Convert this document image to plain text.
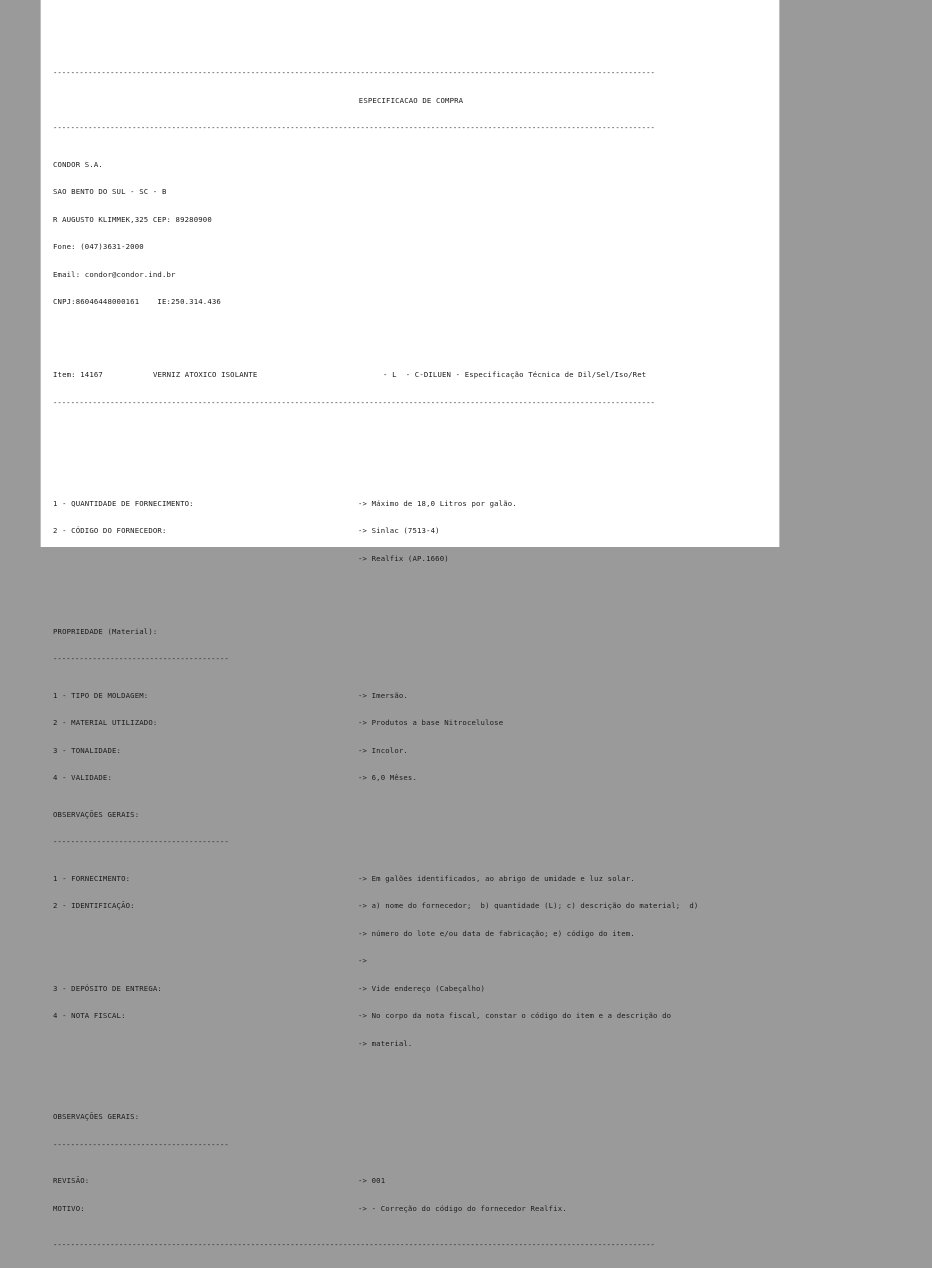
-----------------------------------------------------------------------------------------------------------------------------------------

ESPECIFICACAO DE COMPRA

-----------------------------------------------------------------------------------------------------------------------------------------

CONDOR S.A.

SAO BENTO DO SUL - SC - B

R AUGUSTO KLIMMEK,325 CEP: 89280900

Fone: (047)3631-2000

Email: condor@condor.ind.br

CNPJ:86046448000161    IE:250.314.436

Item: 14167	VERNIZ ATOXICO ISOLANTE	- L  - C-DILUEN - Especificação Técnica de Dil/Sel/Iso/Ret

-----------------------------------------------------------------------------------------------------------------------------------------

1 - QUANTIDADE DE FORNECIMENTO:	-> Máximo de 18,0 Litros por galão.

2 - CÓDIGO DO FORNECEDOR:	-> Sinlac (7513-4)

-> Realfix (AP.1660)

PROPRIEDADE (Material):

----------------------------------------

1 - TIPO DE MOLDAGEM:	-> Imersão.

2 - MATERIAL UTILIZADO:	-> Produtos a base Nitrocelulose

3 - TONALIDADE:	-> Incolor.

4 - VALIDADE:	-> 6,0 Mêses.

OBSERVAÇÕES GERAIS:

----------------------------------------

1 - FORNECIMENTO:	-> Em galões identificados, ao abrigo de umidade e luz solar.

2 - IDENTIFICAÇÃO:	-> a) nome do fornecedor;  b) quantidade (L); c) descrição do material;  d)

-> número do lote e/ou data de fabricação; e) código do item.

->

3 - DEPÓSITO DE ENTREGA:	-> Vide endereço (Cabeçalho)

4 - NOTA FISCAL:	-> No corpo da nota fiscal, constar o código do item e a descrição do

-> material.

OBSERVAÇÕES GERAIS:

----------------------------------------

REVISÃO:	-> 001

MOTIVO:	-> - Correção do código do fornecedor Realfix.

-----------------------------------------------------------------------------------------------------------------------------------------
